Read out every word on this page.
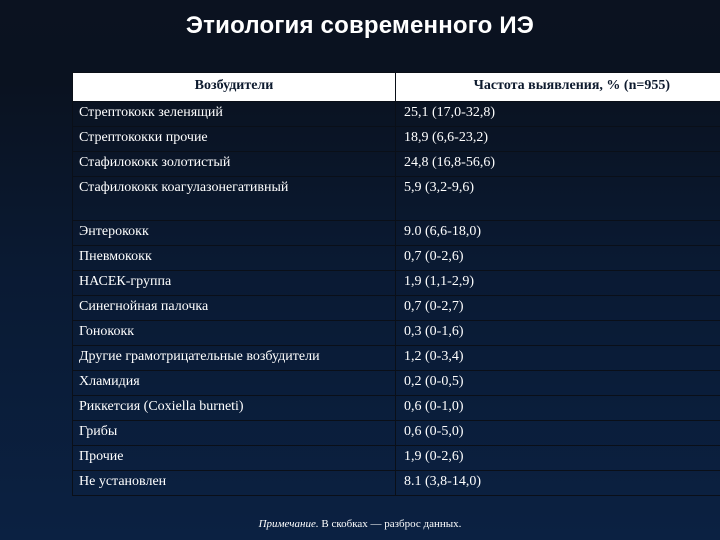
Этиология современного ИЭ
Возбудители	Частота выявления, % (n=955)
Стрептококк зеленящий	25,1 (17,0-32,8)
Стрептококки прочие	18,9 (6,6-23,2)
Стафилококк золотистый	24,8 (16,8-56,6)
Стафилококк коагулазонегативный	5,9 (3,2-9,6)
Энтерококк	9.0 (6,6-18,0)
Пневмококк	0,7 (0-2,6)
НАСЕК-группа	1,9 (1,1-2,9)
Синегнойная палочка	0,7 (0-2,7)
Гонококк	0,3 (0-1,6)
Другие грамотрицательные возбудители	1,2 (0-3,4)
Хламидия	0,2 (0-0,5)
Риккетсия (Coxiella burneti)	0,6 (0-1,0)
Грибы	0,6 (0-5,0)
Прочие	1,9 (0-2,6)
Не установлен	8.1 (3,8-14,0)
Примечание. В скобках — разброс данных.
